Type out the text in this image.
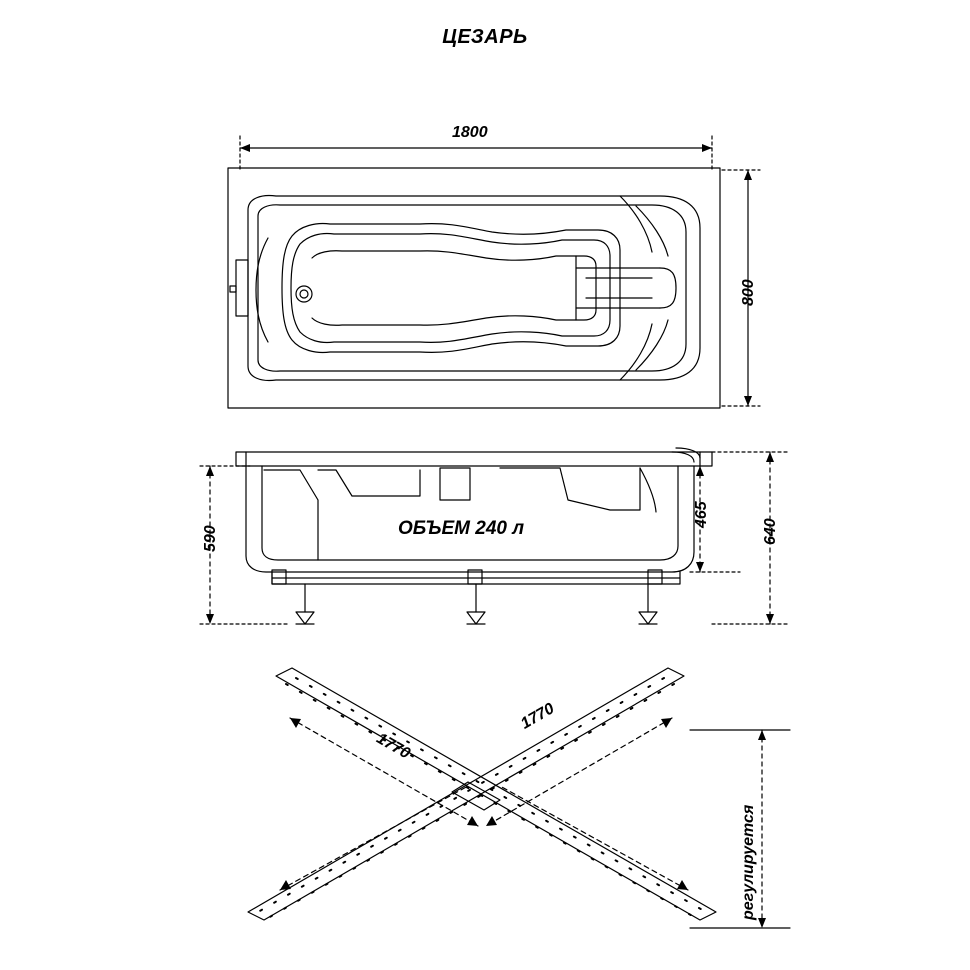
ЦЕЗАРЬ
1800
800
590
465
640
ОБЪЕМ 240 л
1770
1770
регулируется
